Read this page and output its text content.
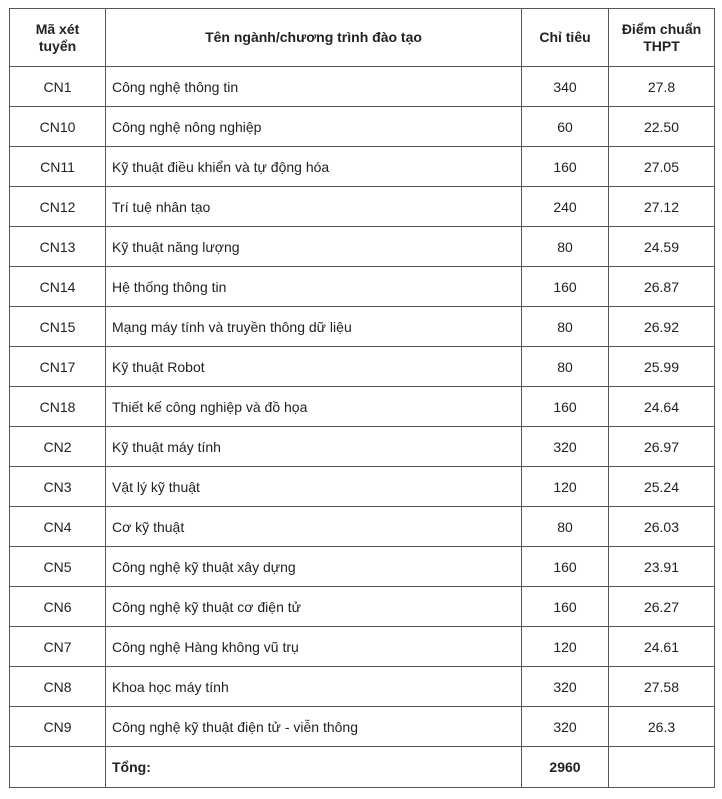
Mã xét tuyển	Tên ngành/chương trình đào tạo	Chỉ tiêu	Điểm chuẩn THPT
CN1	Công nghệ thông tin	340	27.8
CN10	Công nghệ nông nghiệp	60	22.50
CN11	Kỹ thuật điều khiển và tự động hóa	160	27.05
CN12	Trí tuệ nhân tạo	240	27.12
CN13	Kỹ thuật năng lượng	80	24.59
CN14	Hệ thống thông tin	160	26.87
CN15	Mạng máy tính và truyền thông dữ liệu	80	26.92
CN17	Kỹ thuật Robot	80	25.99
CN18	Thiết kế công nghiệp và đồ họa	160	24.64
CN2	Kỹ thuật máy tính	320	26.97
CN3	Vật lý kỹ thuật	120	25.24
CN4	Cơ kỹ thuật	80	26.03
CN5	Công nghệ kỹ thuật xây dựng	160	23.91
CN6	Công nghệ kỹ thuật cơ điện tử	160	26.27
CN7	Công nghệ Hàng không vũ trụ	120	24.61
CN8	Khoa học máy tính	320	27.58
CN9	Công nghệ kỹ thuật điện tử - viễn thông	320	26.3
	Tổng:	2960	
